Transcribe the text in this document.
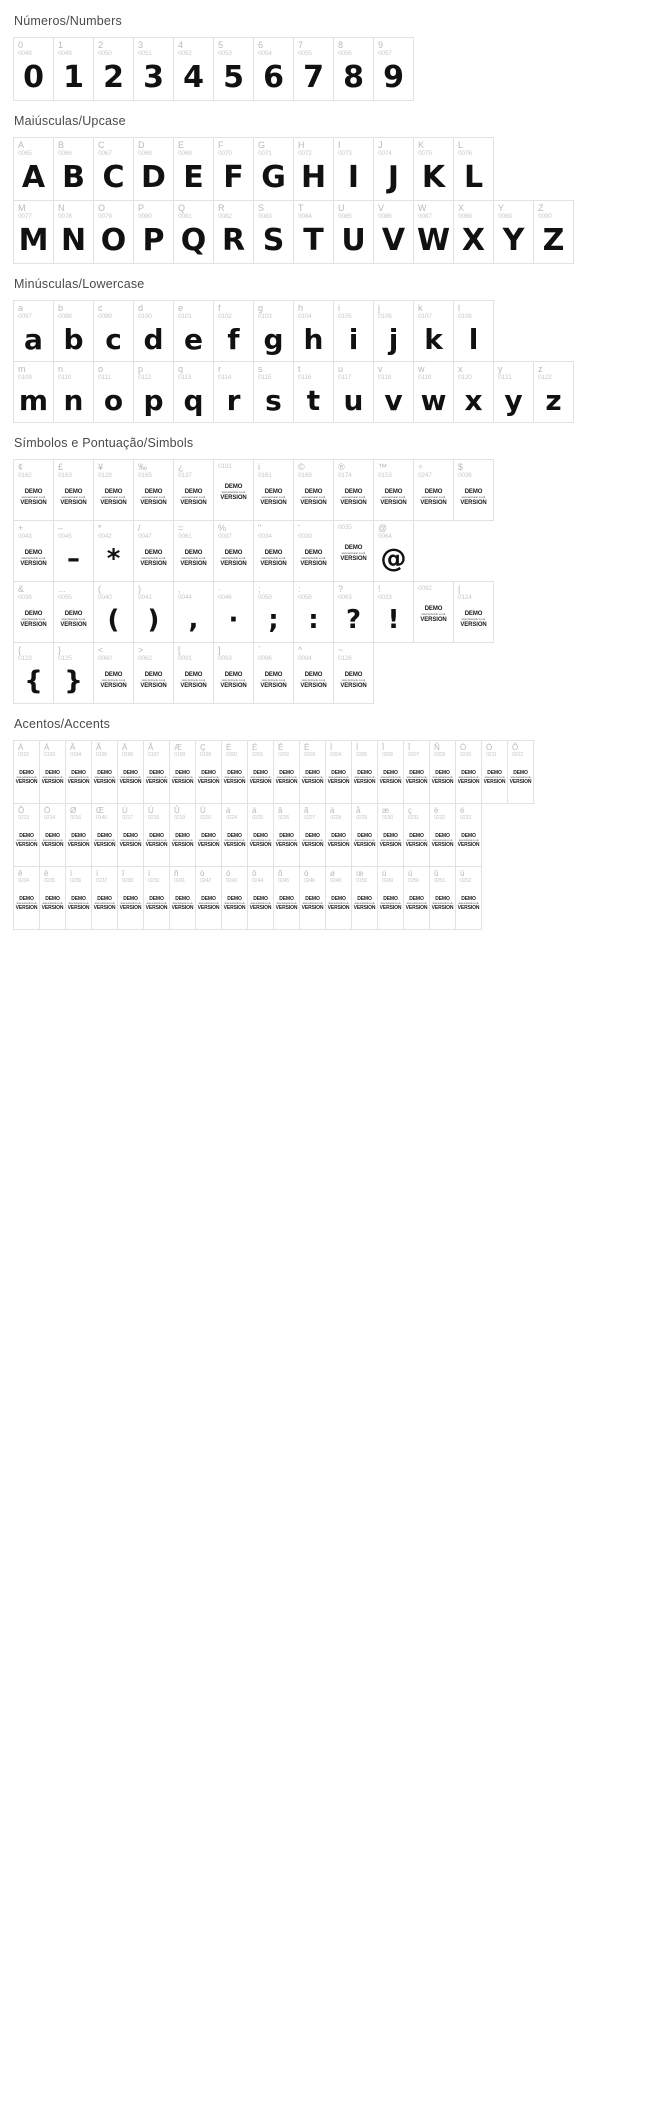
Números/Numbers
0
0048
0
1
0049
1
2
0050
2
3
0051
3
4
0052
4
5
0053
5
6
0054
6
7
0055
7
8
0056
8
9
0057
9
Maiúsculas/Upcase
A
0065
A
B
0066
B
C
0067
C
D
0068
D
E
0069
E
F
0070
F
G
0071
G
H
0072
H
I
0073
I
J
0074
J
K
0075
K
L
0076
L
M
0077
M
N
0078
N
O
0079
O
P
0080
P
Q
0081
Q
R
0082
R
S
0083
S
T
0084
T
U
0085
U
V
0086
V
W
0087
W
X
0088
X
Y
0089
Y
Z
0090
Z
Minúsculas/Lowercase
a
0097
a
b
0098
b
c
0099
c
d
0100
d
e
0101
e
f
0102
f
g
0103
g
h
0104
h
i
0105
i
j
0106
j
k
0107
k
l
0108
l
m
0109
m
n
0110
n
o
0111
o
p
0112
p
q
0113
q
r
0114
r
s
0115
s
t
0116
t
u
0117
u
v
0118
v
w
0119
w
x
0120
x
y
0121
y
z
0122
z
Símbolos e Pontuação/Simbols
¢
0162
DEMO
www.tentuvok.co.uk
VERSION
£
0163
DEMO
www.tentuvok.co.uk
VERSION
¥
0128
DEMO
www.tentuvok.co.uk
VERSION
‰
0165
DEMO
www.tentuvok.co.uk
VERSION
¿
0137
DEMO
www.tentuvok.co.uk
VERSION
0191
DEMO
www.tentuvok.co.uk
VERSION
i
0161
DEMO
www.tentuvok.co.uk
VERSION
©
0169
DEMO
www.tentuvok.co.uk
VERSION
®
0174
DEMO
www.tentuvok.co.uk
VERSION
™
0153
DEMO
www.tentuvok.co.uk
VERSION
÷
0247
DEMO
www.tentuvok.co.uk
VERSION
$
0036
DEMO
www.tentuvok.co.uk
VERSION
+
0043
DEMO
www.tentuvok.co.uk
VERSION
–
0045
–
*
0042
*
/
0047
DEMO
www.tentuvok.co.uk
VERSION
=
0061
DEMO
www.tentuvok.co.uk
VERSION
%
0037
DEMO
www.tentuvok.co.uk
VERSION
"
0034
DEMO
www.tentuvok.co.uk
VERSION
'
0039
DEMO
www.tentuvok.co.uk
VERSION
0035
DEMO
www.tentuvok.co.uk
VERSION
@
0064
@
&
0038
DEMO
www.tentuvok.co.uk
VERSION
...
0095
DEMO
www.tentuvok.co.uk
VERSION
(
0040
(
)
0041
)
,
0044
,
·
0046
·
;
0059
;
:
0058
:
?
0063
?
!
0033
!
0092
DEMO
www.tentuvok.co.uk
VERSION
|
0124
DEMO
www.tentuvok.co.uk
VERSION
{
0123
{
}
0125
}
<
0060
DEMO
www.tentuvok.co.uk
VERSION
>
0062
DEMO
www.tentuvok.co.uk
VERSION
[
0091
DEMO
www.tentuvok.co.uk
VERSION
]
0093
DEMO
www.tentuvok.co.uk
VERSION
`
0096
DEMO
www.tentuvok.co.uk
VERSION
^
0094
DEMO
www.tentuvok.co.uk
VERSION
~
0126
DEMO
www.tentuvok.co.uk
VERSION
Acentos/Accents
À
0192
DEMO
www.tentuvok.co.uk
VERSION
Á
0193
DEMO
www.tentuvok.co.uk
VERSION
Â
0194
DEMO
www.tentuvok.co.uk
VERSION
Ã
0195
DEMO
www.tentuvok.co.uk
VERSION
Ä
0196
DEMO
www.tentuvok.co.uk
VERSION
Å
0197
DEMO
www.tentuvok.co.uk
VERSION
Æ
0198
DEMO
www.tentuvok.co.uk
VERSION
Ç
0199
DEMO
www.tentuvok.co.uk
VERSION
È
0200
DEMO
www.tentuvok.co.uk
VERSION
É
0201
DEMO
www.tentuvok.co.uk
VERSION
Ê
0202
DEMO
www.tentuvok.co.uk
VERSION
Ë
0203
DEMO
www.tentuvok.co.uk
VERSION
Ì
0204
DEMO
www.tentuvok.co.uk
VERSION
Í
0205
DEMO
www.tentuvok.co.uk
VERSION
Î
0206
DEMO
www.tentuvok.co.uk
VERSION
Ï
0207
DEMO
www.tentuvok.co.uk
VERSION
Ñ
0209
DEMO
www.tentuvok.co.uk
VERSION
Ò
0210
DEMO
www.tentuvok.co.uk
VERSION
Ó
0211
DEMO
www.tentuvok.co.uk
VERSION
Ô
0212
DEMO
www.tentuvok.co.uk
VERSION
Õ
0213
DEMO
www.tentuvok.co.uk
VERSION
Ö
0214
DEMO
www.tentuvok.co.uk
VERSION
Ø
0216
DEMO
www.tentuvok.co.uk
VERSION
Œ
0140
DEMO
www.tentuvok.co.uk
VERSION
Ù
0217
DEMO
www.tentuvok.co.uk
VERSION
Ú
0218
DEMO
www.tentuvok.co.uk
VERSION
Û
0219
DEMO
www.tentuvok.co.uk
VERSION
Ü
0220
DEMO
www.tentuvok.co.uk
VERSION
à
0224
DEMO
www.tentuvok.co.uk
VERSION
á
0225
DEMO
www.tentuvok.co.uk
VERSION
â
0226
DEMO
www.tentuvok.co.uk
VERSION
ã
0227
DEMO
www.tentuvok.co.uk
VERSION
ä
0228
DEMO
www.tentuvok.co.uk
VERSION
å
0229
DEMO
www.tentuvok.co.uk
VERSION
æ
0230
DEMO
www.tentuvok.co.uk
VERSION
ç
0231
DEMO
www.tentuvok.co.uk
VERSION
è
0232
DEMO
www.tentuvok.co.uk
VERSION
é
0233
DEMO
www.tentuvok.co.uk
VERSION
ê
0234
DEMO
www.tentuvok.co.uk
VERSION
ë
0235
DEMO
www.tentuvok.co.uk
VERSION
ì
0236
DEMO
www.tentuvok.co.uk
VERSION
í
0237
DEMO
www.tentuvok.co.uk
VERSION
î
0238
DEMO
www.tentuvok.co.uk
VERSION
ï
0239
DEMO
www.tentuvok.co.uk
VERSION
ñ
0241
DEMO
www.tentuvok.co.uk
VERSION
ò
0242
DEMO
www.tentuvok.co.uk
VERSION
ó
0243
DEMO
www.tentuvok.co.uk
VERSION
ô
0244
DEMO
www.tentuvok.co.uk
VERSION
õ
0245
DEMO
www.tentuvok.co.uk
VERSION
ö
0246
DEMO
www.tentuvok.co.uk
VERSION
ø
0248
DEMO
www.tentuvok.co.uk
VERSION
œ
0156
DEMO
www.tentuvok.co.uk
VERSION
ù
0249
DEMO
www.tentuvok.co.uk
VERSION
ú
0250
DEMO
www.tentuvok.co.uk
VERSION
û
0251
DEMO
www.tentuvok.co.uk
VERSION
ü
0252
DEMO
www.tentuvok.co.uk
VERSION
